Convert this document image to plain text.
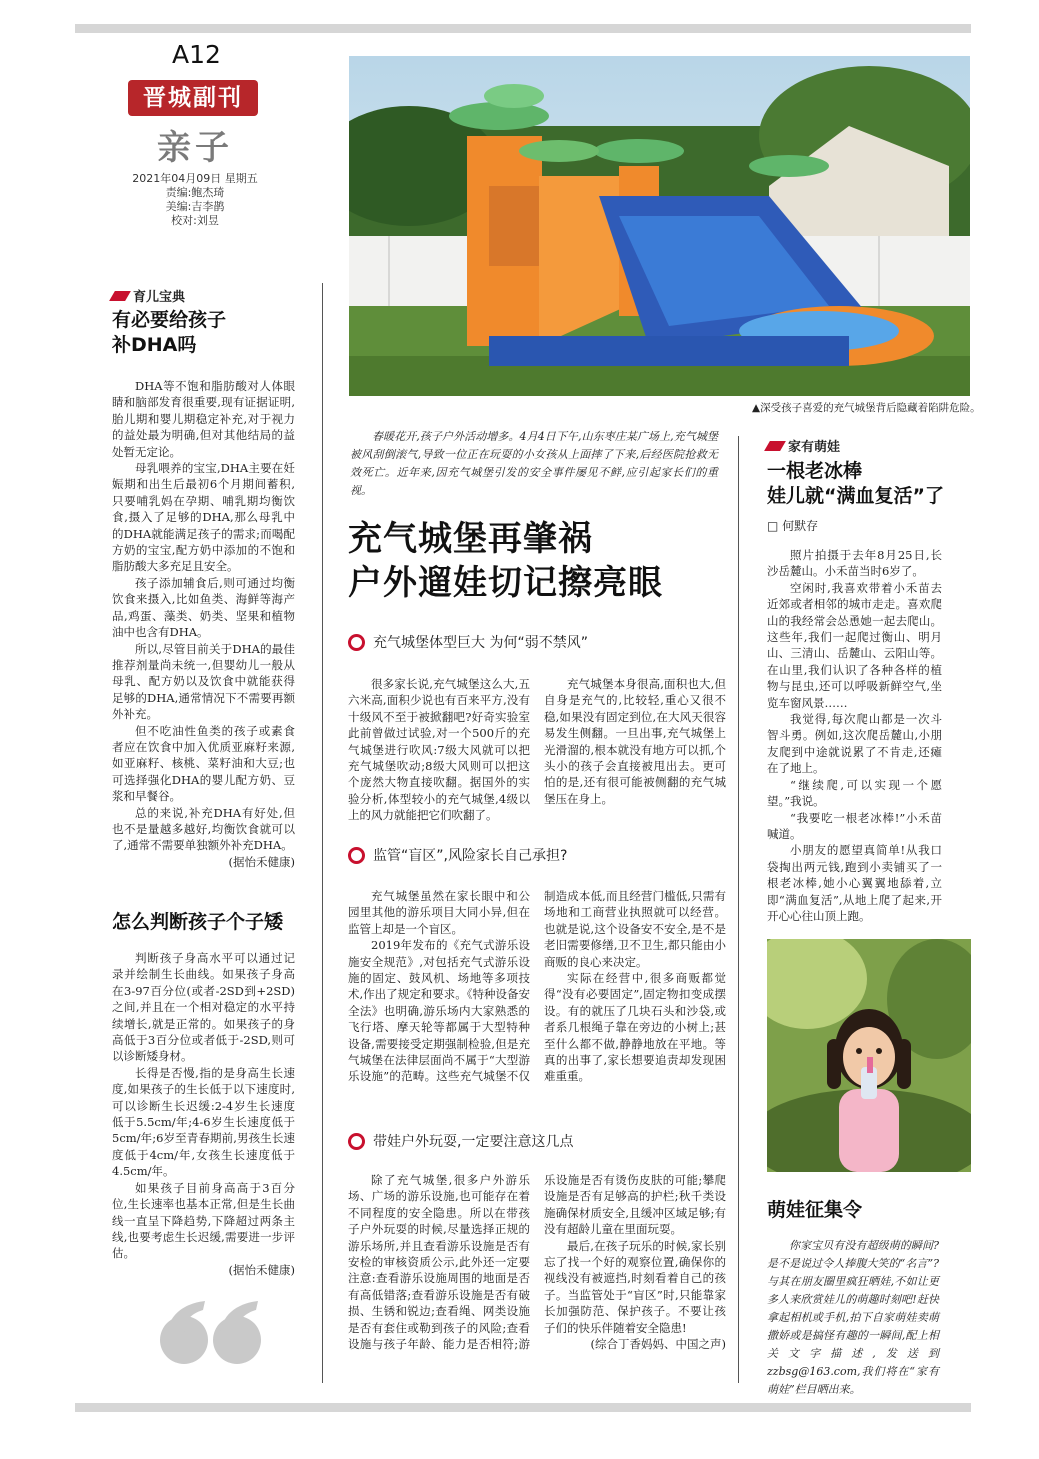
A12
晋城副刊
亲子
2021年04月09日 星期五
责编:鲍杰琦
美编:吉李鹊
校对:刘昱
育儿宝典
有必要给孩子
补DHA吗

DHA等不饱和脂肪酸对人体眼睛和脑部发育很重要,现有证据证明,胎儿期和婴儿期稳定补充,对于视力的益处最为明确,但对其他结局的益处暂无定论。

母乳喂养的宝宝,DHA主要在妊娠期和出生后最初6个月期间蓄积,只要哺乳妈在孕期、哺乳期均衡饮食,摄入了足够的DHA,那么母乳中的DHA就能满足孩子的需求;而喝配方奶的宝宝,配方奶中添加的不饱和脂肪酸大多充足且安全。

孩子添加辅食后,则可通过均衡饮食来摄入,比如鱼类、海鲜等海产品,鸡蛋、藻类、奶类、坚果和植物油中也含有DHA。

所以,尽管目前关于DHA的最佳推荐剂量尚未统一,但婴幼儿一般从母乳、配方奶以及饮食中就能获得足够的DHA,通常情况下不需要再额外补充。

但不吃油性鱼类的孩子或素食者应在饮食中加入优质亚麻籽来源,如亚麻籽、核桃、菜籽油和大豆;也可选择强化DHA的婴儿配方奶、豆浆和早餐谷。

总的来说,补充DHA有好处,但也不是量越多越好,均衡饮食就可以了,通常不需要单独额外补充DHA。

(据怡禾健康)
怎么判断孩子个子矮

判断孩子身高水平可以通过记录并绘制生长曲线。如果孩子身高在3-97百分位(或者-2SD到+2SD)之间,并且在一个相对稳定的水平持续增长,就是正常的。如果孩子的身高低于3百分位或者低于-2SD,则可以诊断矮身材。

长得是否慢,指的是身高生长速度,如果孩子的生长低于以下速度时,可以诊断生长迟缓:2-4岁生长速度低于5.5cm/年;4-6岁生长速度低于5cm/年;6岁至青春期前,男孩生长速度低于4cm/年,女孩生长速度低于4.5cm/年。

如果孩子目前身高高于3百分位,生长速率也基本正常,但是生长曲线一直呈下降趋势,下降超过两条主线,也要考虑生长迟缓,需要进一步评估。

(据怡禾健康)
▲深受孩子喜爱的充气城堡背后隐藏着陷阱危险。
春暖花开,孩子户外活动增多。4月4日下午,山东枣庄某广场上,充气城堡被风刮倒滚气,导致一位正在玩耍的小女孩从上面摔了下来,后经医院抢救无效死亡。近年来,因充气城堡引发的安全事件屡见不鲜,应引起家长们的重视。
充气城堡再肇祸
户外遛娃切记擦亮眼
充气城堡体型巨大 为何“弱不禁风”

很多家长说,充气城堡这么大,五六米高,面积少说也有百来平方,没有十级风不至于被掀翻吧?好奇实验室此前曾做过试验,对一个500斤的充气城堡进行吹风:7级大风就可以把充气城堡吹动;8级大风则可以把这个庞然大物直接吹翻。据国外的实验分析,体型较小的充气城堡,4级以上的风力就能把它们吹翻了。

充气城堡本身很高,面积也大,但自身是充气的,比较轻,重心又很不稳,如果没有固定到位,在大风天很容易发生侧翻。一旦出事,充气城堡上光滑溜的,根本就没有地方可以抓,个头小的孩子会直接被甩出去。更可怕的是,还有很可能被侧翻的充气城堡压在身上。

监管“盲区”,风险家长自己承担?

充气城堡虽然在家长眼中和公园里其他的游乐项目大同小异,但在监管上却是一个盲区。

2019年发布的《充气式游乐设施安全规范》,对包括充气式游乐设施的固定、鼓风机、场地等多项技术,作出了规定和要求。《特种设备安全法》也明确,游乐场内大家熟悉的飞行塔、摩天轮等都属于大型特种设备,需要接受定期强制检验,但是充气城堡在法律层面尚不属于“大型游乐设施”的范畴。这些充气城堡不仅制造成本低,而且经营门槛低,只需有场地和工商营业执照就可以经营。也就是说,这个设备安不安全,是不是老旧需要修缮,卫不卫生,都只能由小商贩的良心来决定。

实际在经营中,很多商贩都觉得“没有必要固定”,固定物扣变成摆设。有的就压了几块石头和沙袋,或者系几根绳子靠在旁边的小树上;甚至什么都不做,静静地放在平地。等真的出事了,家长想要追责却发现困难重重。

带娃户外玩耍,一定要注意这几点

除了充气城堡,很多户外游乐场、广场的游乐设施,也可能存在着不同程度的安全隐患。所以在带孩子户外玩耍的时候,尽量选择正规的游乐场所,并且查看游乐设施是否有安检的审核资质公示,此外还一定要注意:查看游乐设施周围的地面是否有高低错落;查看游乐设施是否有破损、生锈和锐边;查看绳、网类设施是否有套住或勒到孩子的风险;查看设施与孩子年龄、能力是否相符;游乐设施是否有烫伤皮肤的可能;攀爬设施是否有足够高的护栏;秋千类设施确保材质安全,且缓冲区域足够;有没有超龄儿童在里面玩耍。

最后,在孩子玩乐的时候,家长别忘了找一个好的观察位置,确保你的视线没有被遮挡,时刻看着自己的孩子。当监管处于“盲区”时,只能靠家长加强防范、保护孩子。不要让孩子们的快乐伴随着安全隐患!

(综合丁香妈妈、中国之声)
家有萌娃
一根老冰棒
娃儿就“满血复活”了
□ 何默存

照片拍摄于去年8月25日,长沙岳麓山。小禾苗当时6岁了。

空闲时,我喜欢带着小禾苗去近郊或者相邻的城市走走。喜欢爬山的我经常会怂恿她一起去爬山。这些年,我们一起爬过衡山、明月山、三清山、岳麓山、云阳山等。在山里,我们认识了各种各样的植物与昆虫,还可以呼吸新鲜空气,坐览车窗风景……

我觉得,每次爬山都是一次斗智斗勇。例如,这次爬岳麓山,小朋友爬到中途就说累了不肯走,还瘫在了地上。

“继续爬,可以实现一个愿望。”我说。

“我要吃一根老冰棒!”小禾苗喊道。

小朋友的愿望真简单!从我口袋掏出两元钱,跑到小卖铺买了一根老冰棒,她小心翼翼地舔着,立即“满血复活”,从地上爬了起来,开开心心往山顶上跑。

萌娃征集令

你家宝贝有没有超级萌的瞬间?是不是说过令人捧腹大笑的“名言”?与其在朋友圈里疯狂晒娃,不如让更多人来欣赏娃儿的萌趣时刻吧!赶快拿起相机或手机,拍下自家萌娃卖萌撒娇或是搞怪有趣的一瞬间,配上相关文字描述,发送到zzbsg@163.com,我们将在“家有萌娃”栏目晒出来。
